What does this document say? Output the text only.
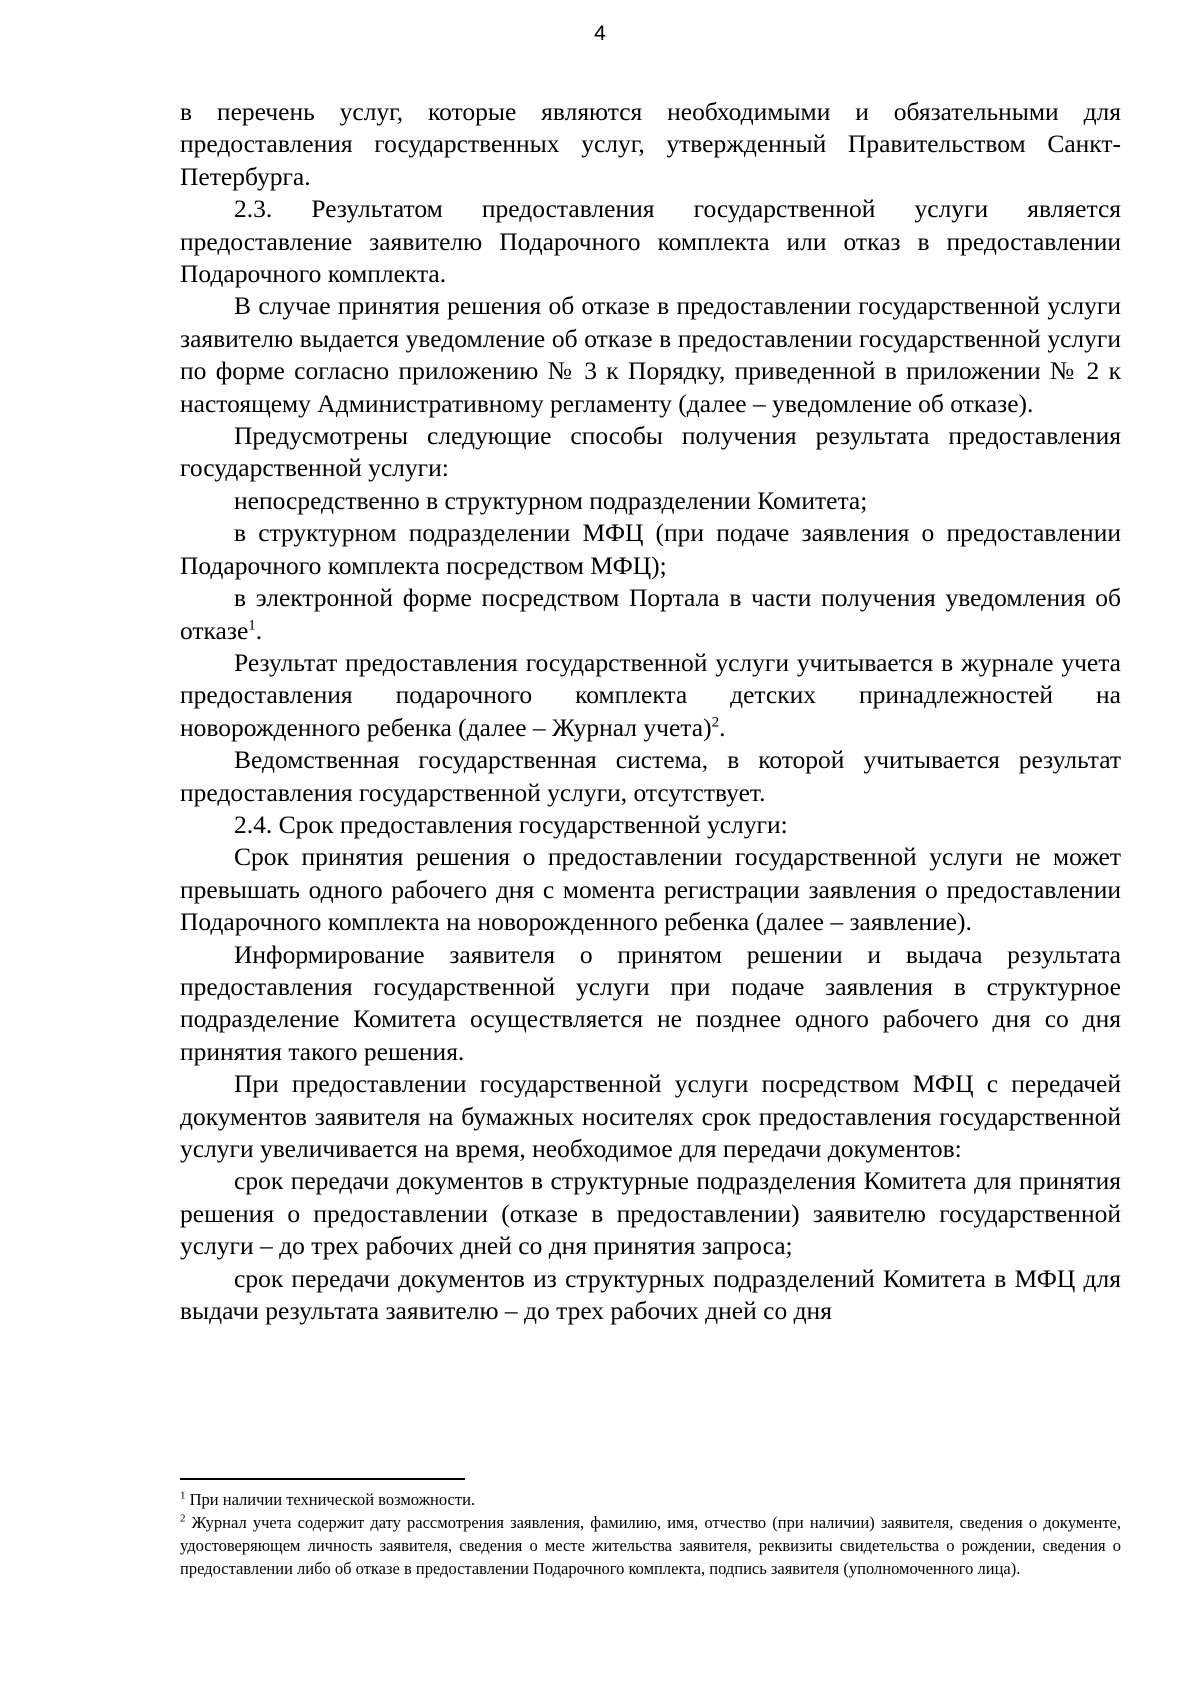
4

в перечень услуг, которые являются необходимыми и обязательными для предоставления государственных услуг, утвержденный Правительством Санкт-Петербурга.

2.3. Результатом предоставления государственной услуги является предоставление заявителю Подарочного комплекта или отказ в предоставлении Подарочного комплекта.

В случае принятия решения об отказе в предоставлении государственной услуги заявителю выдается уведомление об отказе в предоставлении государственной услуги по форме согласно приложению № 3 к Порядку, приведенной в приложении № 2 к настоящему Административному регламенту (далее – уведомление об отказе).

Предусмотрены следующие способы получения результата предоставления государственной услуги:

непосредственно в структурном подразделении Комитета;

в структурном подразделении МФЦ (при подаче заявления о предоставлении Подарочного комплекта посредством МФЦ);

в электронной форме посредством Портала в части получения уведомления об отказе$^1$.

Результат предоставления государственной услуги учитывается в журнале учета предоставления подарочного комплекта детских принадлежностей на новорожденного ребенка (далее – Журнал учета)$^2$.

Ведомственная государственная система, в которой учитывается результат предоставления государственной услуги, отсутствует.

2.4. Срок предоставления государственной услуги:

Срок принятия решения о предоставлении государственной услуги не может превышать одного рабочего дня с момента регистрации заявления о предоставлении Подарочного комплекта на новорожденного ребенка (далее – заявление).

Информирование заявителя о принятом решении и выдача результата предоставления государственной услуги при подаче заявления в структурное подразделение Комитета осуществляется не позднее одного рабочего дня со дня принятия такого решения.

При предоставлении государственной услуги посредством МФЦ с передачей документов заявителя на бумажных носителях срок предоставления государственной услуги увеличивается на время, необходимое для передачи документов:

срок передачи документов в структурные подразделения Комитета для принятия решения о предоставлении (отказе в предоставлении) заявителю государственной услуги – до трех рабочих дней со дня принятия запроса;

срок передачи документов из структурных подразделений Комитета в МФЦ для выдачи результата заявителю – до трех рабочих дней со дня

$^1$ При наличии технической возможности.

$^2$ Журнал учета содержит дату рассмотрения заявления, фамилию, имя, отчество (при наличии) заявителя, сведения о документе, удостоверяющем личность заявителя, сведения о месте жительства заявителя, реквизиты свидетельства о рождении, сведения о предоставлении либо об отказе в предоставлении Подарочного комплекта, подпись заявителя (уполномоченного лица).
